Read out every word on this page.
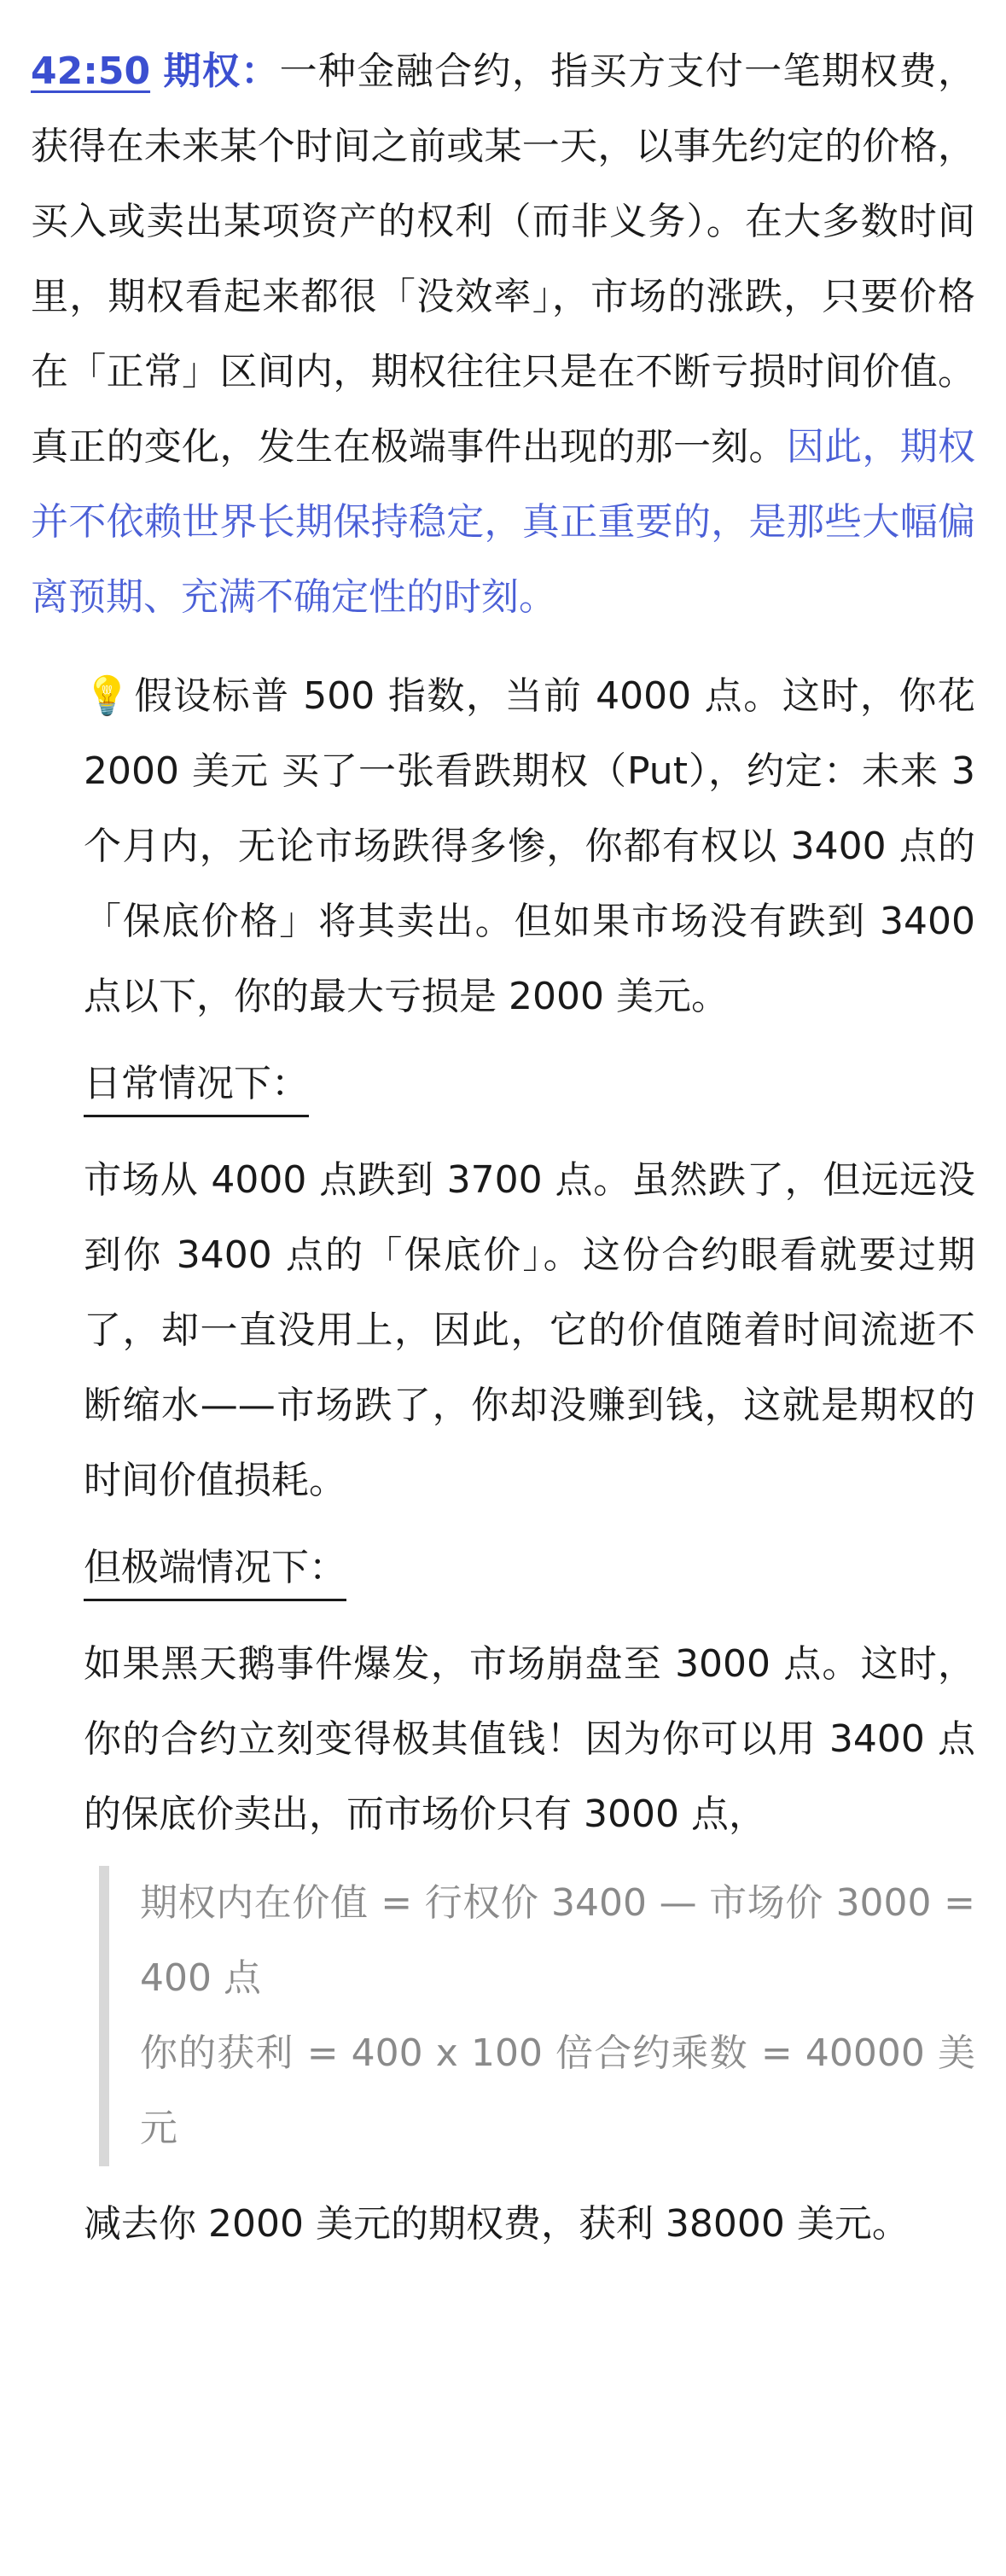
42:50 期权：一种金融合约，指买方支付一笔期权费，获得在未来某个时间之前或某一天，以事先约定的价格，买入或卖出某项资产的权利（而非义务）。在大多数时间里，期权看起来都很「没效率」，市场的涨跌，只要价格在「正常」区间内，期权往往只是在不断亏损时间价值。真正的变化，发生在极端事件出现的那一刻。因此，期权并不依赖世界长期保持稳定，真正重要的，是那些大幅偏离预期、充满不确定性的时刻。

💡 假设标普 500 指数，当前 4000 点。这时，你花 2000 美元 买了一张看跌期权（Put），约定：未来 3 个月内，无论市场跌得多惨，你都有权以 3400 点的「保底价格」将其卖出。但如果市场没有跌到 3400 点以下，你的最大亏损是 2000 美元。

日常情况下：

市场从 4000 点跌到 3700 点。虽然跌了，但远远没到你 3400 点的「保底价」。这份合约眼看就要过期了，却一直没用上，因此，它的价值随着时间流逝不断缩水——市场跌了，你却没赚到钱，这就是期权的时间价值损耗。

但极端情况下：

如果黑天鹅事件爆发，市场崩盘至 3000 点。这时，你的合约立刻变得极其值钱！因为你可以用 3400 点的保底价卖出，而市场价只有 3000 点，

期权内在价值 = 行权价 3400 — 市场价 3000 = 400 点

你的获利 = 400 x 100 倍合约乘数 = 40000 美元

减去你 2000 美元的期权费，获利 38000 美元。
